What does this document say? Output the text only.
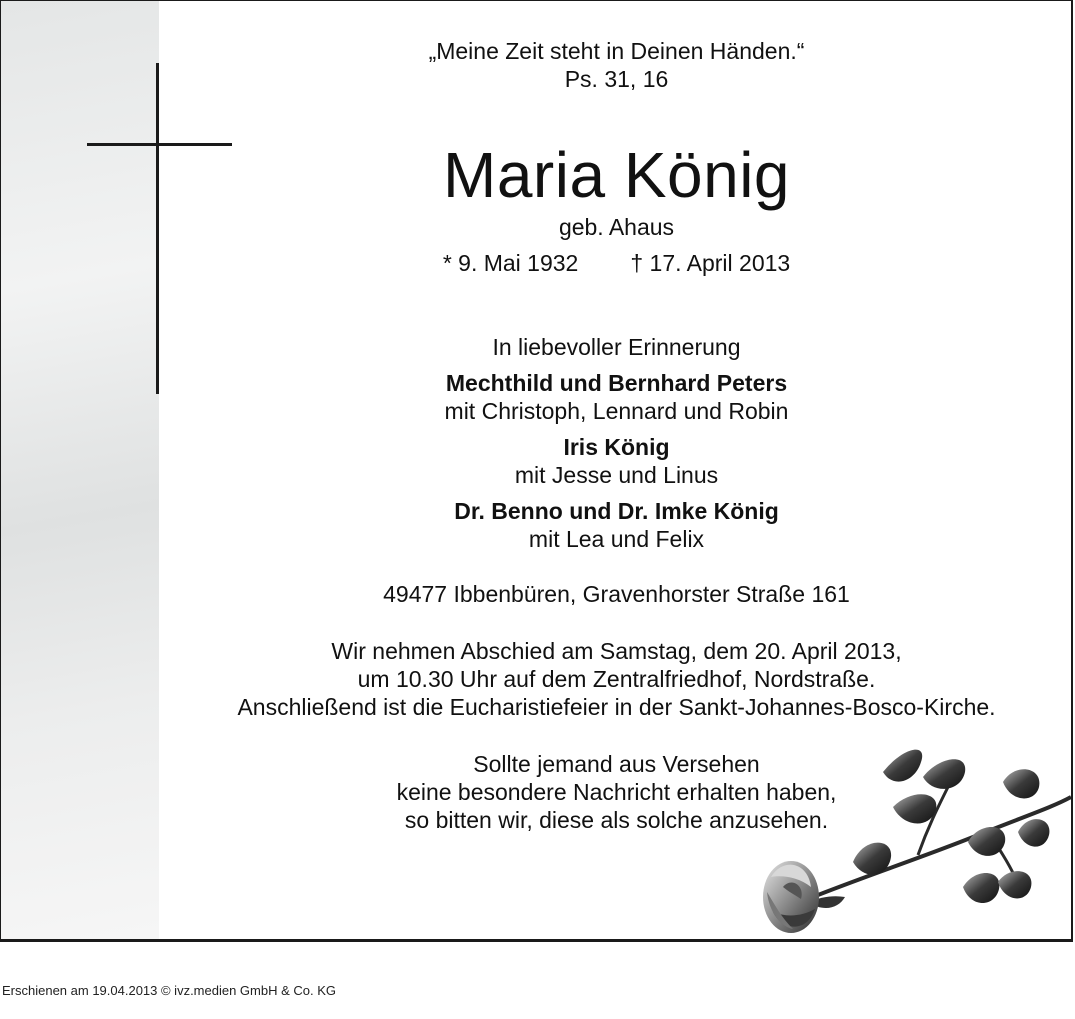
„Meine Zeit steht in Deinen Händen.“
Ps. 31, 16
Maria König
geb. Ahaus
* 9. Mai 1932 † 17. April 2013
In liebevoller Erinnerung
Mechthild und Bernhard Peters
mit Christoph, Lennard und Robin
Iris König
mit Jesse und Linus
Dr. Benno und Dr. Imke König
mit Lea und Felix
49477 Ibbenbüren, Gravenhorster Straße 161
Wir nehmen Abschied am Samstag, dem 20. April 2013,
um 10.30 Uhr auf dem Zentralfriedhof, Nordstraße.
Anschließend ist die Eucharistiefeier in der Sankt-Johannes-Bosco-Kirche.
Sollte jemand aus Versehen
keine besondere Nachricht erhalten haben,
so bitten wir, diese als solche anzusehen.
Erschienen am 19.04.2013 © ivz.medien GmbH & Co. KG
